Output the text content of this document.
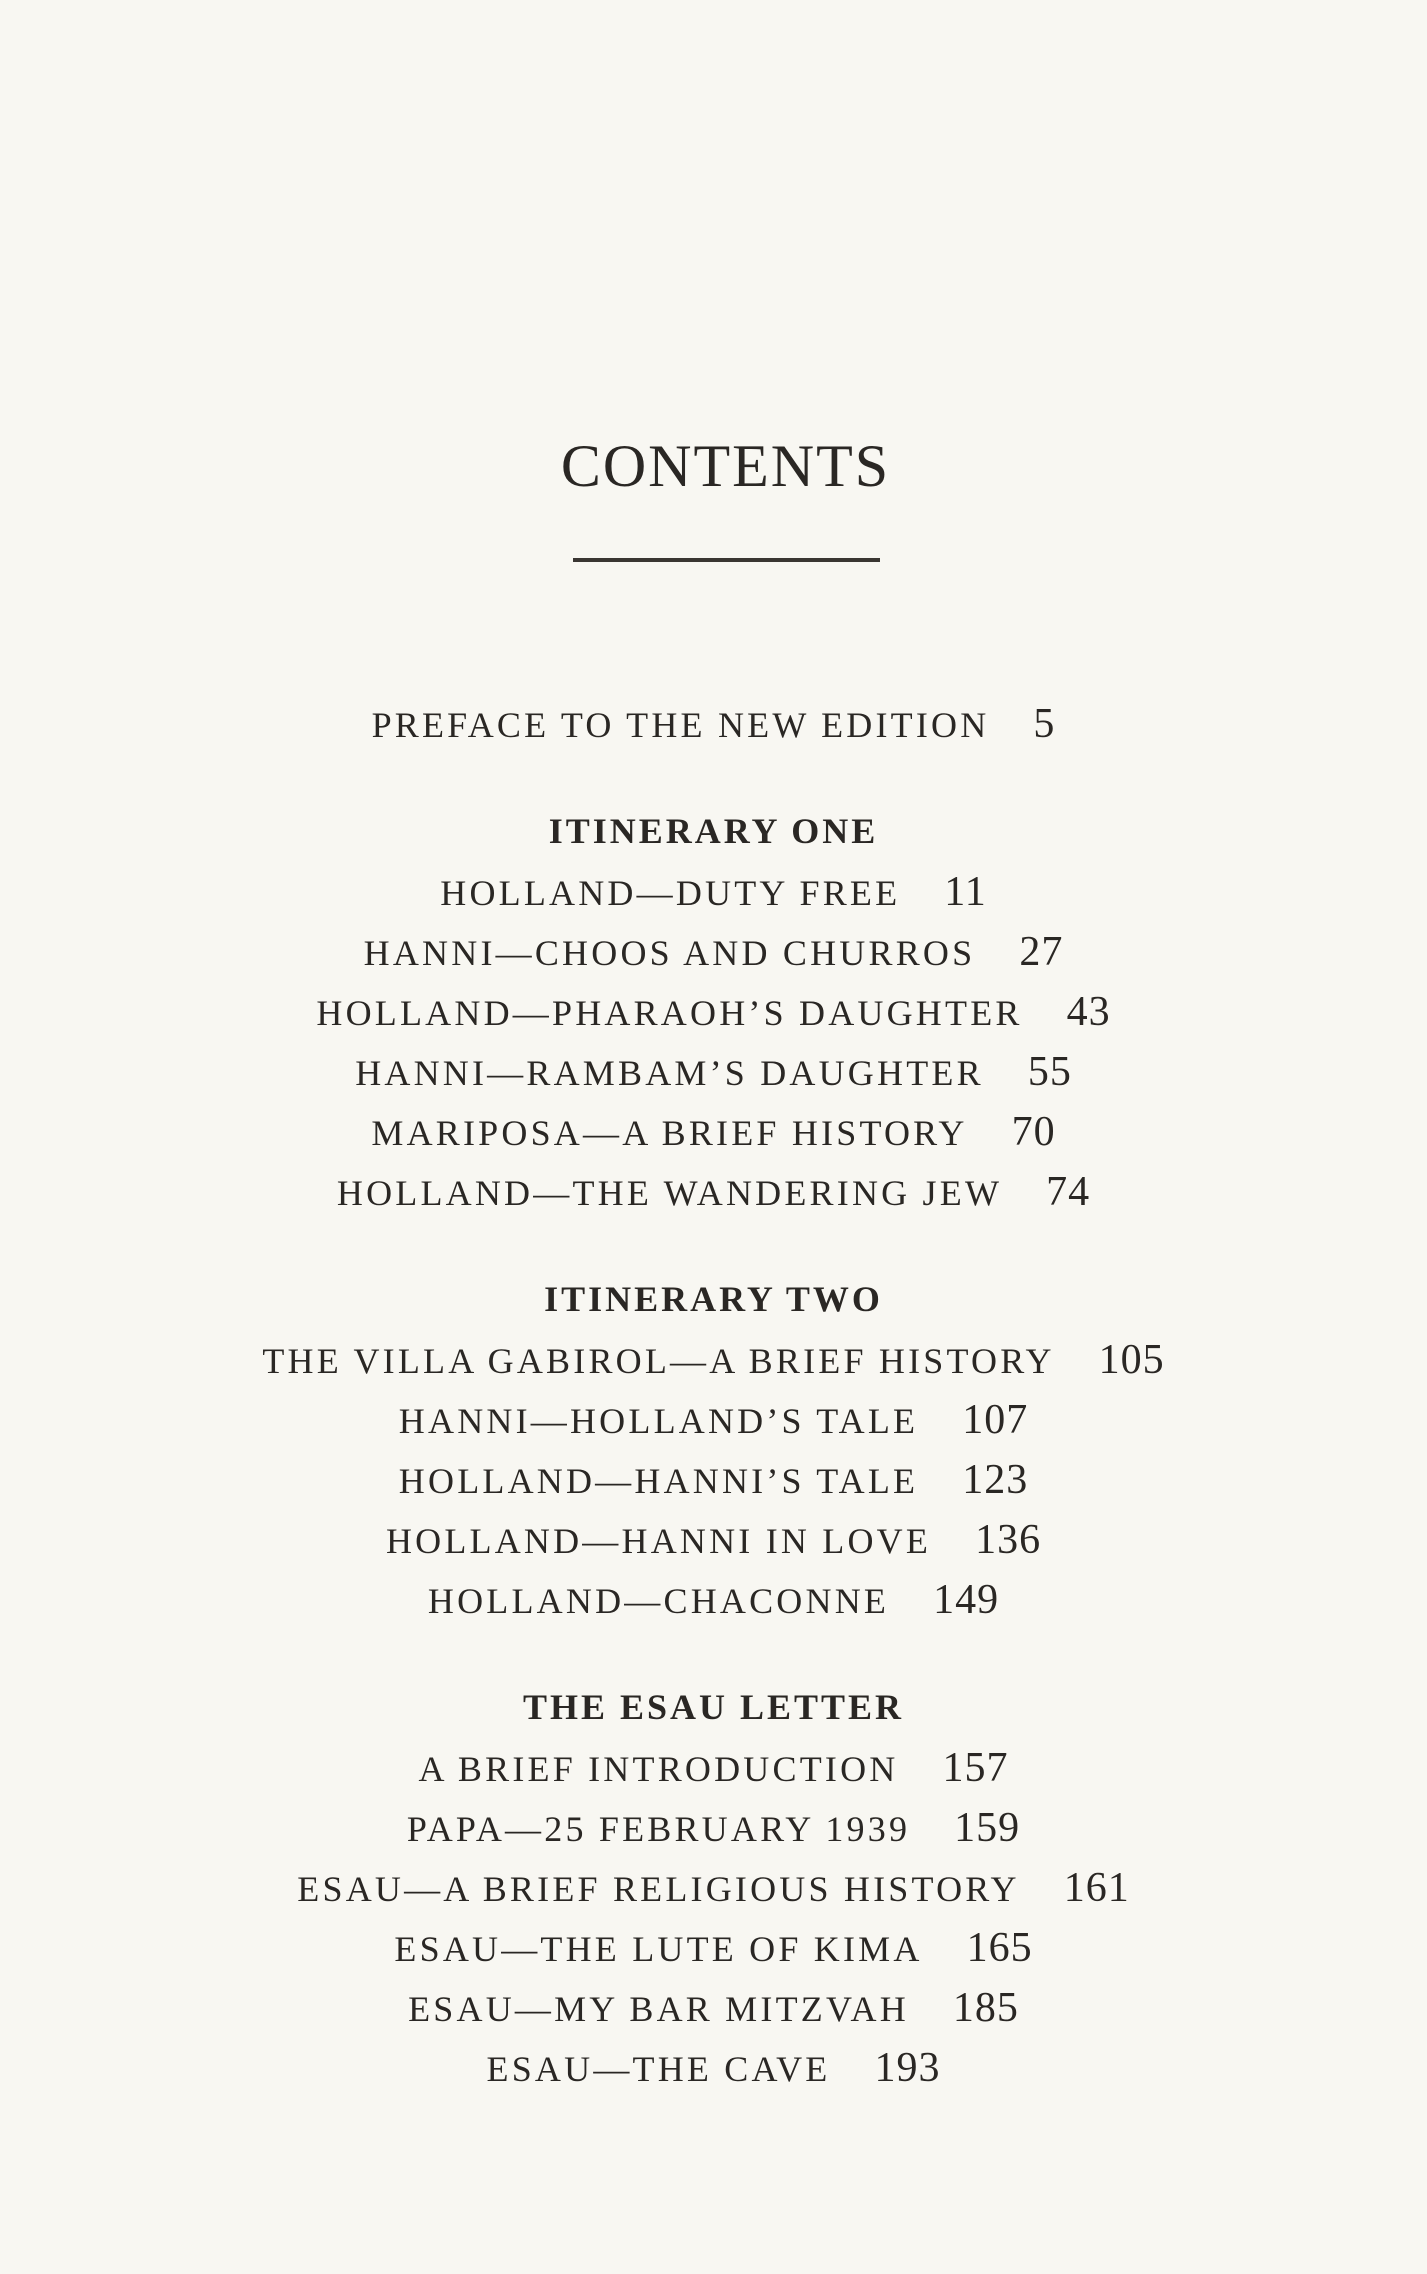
CONTENTS
PREFACE TO THE NEW EDITION 5
ITINERARY ONE
HOLLAND—DUTY FREE 11
HANNI—CHOOS AND CHURROS 27
HOLLAND—PHARAOH’S DAUGHTER 43
HANNI—RAMBAM’S DAUGHTER 55
MARIPOSA—A BRIEF HISTORY 70
HOLLAND—THE WANDERING JEW 74
ITINERARY TWO
THE VILLA GABIROL—A BRIEF HISTORY 105
HANNI—HOLLAND’S TALE 107
HOLLAND—HANNI’S TALE 123
HOLLAND—HANNI IN LOVE 136
HOLLAND—CHACONNE 149
THE ESAU LETTER
A BRIEF INTRODUCTION 157
PAPA—25 FEBRUARY 1939 159
ESAU—A BRIEF RELIGIOUS HISTORY 161
ESAU—THE LUTE OF KIMA 165
ESAU—MY BAR MITZVAH 185
ESAU—THE CAVE 193
